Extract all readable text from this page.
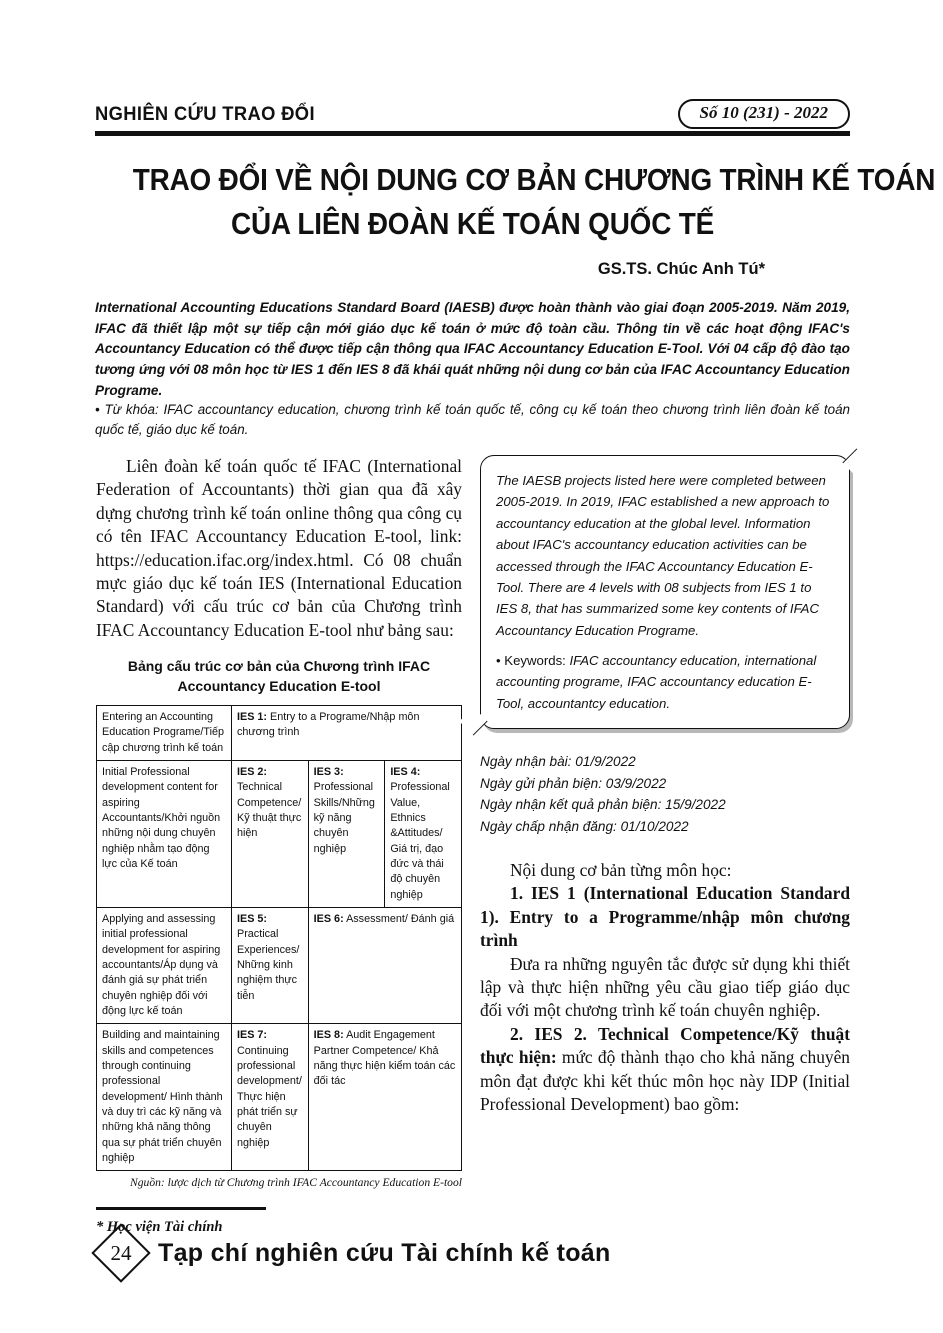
NGHIÊN CỨU TRAO ĐỔI	Số 10 (231) - 2022
TRAO ĐỔI VỀ NỘI DUNG CƠ BẢN CHƯƠNG TRÌNH KẾ TOÁN
CỦA LIÊN ĐOÀN KẾ TOÁN QUỐC TẾ
GS.TS. Chúc Anh Tú*
International Accounting Educations Standard Board (IAESB) được hoàn thành vào giai đoạn 2005-2019. Năm 2019, IFAC đã thiết lập một sự tiếp cận mới giáo dục kế toán ở mức độ toàn cầu. Thông tin về các hoạt động IFAC's Accountancy Education có thể được tiếp cận thông qua IFAC Accountancy Education E-Tool. Với 04 cấp độ đào tạo tương ứng với 08 môn học từ IES 1 đến IES 8 đã khái quát những nội dung cơ bản của IFAC Accountancy Education Programe.
• Từ khóa: IFAC accountancy education, chương trình kế toán quốc tế, công cụ kế toán theo chương trình liên đoàn kế toán quốc tế, giáo dục kế toán.

Liên đoàn kế toán quốc tế IFAC (International Federation of Accountants) thời gian qua đã xây dựng chương trình kế toán online thông qua công cụ có tên IFAC Accountancy Education E-tool, link: https://education.ifac.org/index.html. Có 08 chuẩn mực giáo dục kế toán IES (International Education Standard) với cấu trúc cơ bản của Chương trình IFAC Accountancy Education E-tool như bảng sau:

Bảng cấu trúc cơ bản của Chương trình IFAC Accountancy Education E-tool
Entering an Accounting Education Programe/Tiếp cập chương trình kế toán	IES 1: Entry to a Programe/Nhập môn chương trình		
Initial Professional development content for aspiring Accountants/Khởi nguồn những nội dung chuyên nghiệp nhằm tạo động lực của Kế toán	IES 2: Technical Competence/ Kỹ thuật thực hiện	IES 3: Professional Skills/Những kỹ năng chuyên nghiệp	IES 4: Professional Value, Ethnics &Attitudes/ Giá trị, đạo đức và thái độ chuyên nghiệp
Applying and assessing initial professional development for aspiring accountants/Áp dụng và đánh giá sự phát triển chuyên nghiệp đối với động lực kế toán	IES 5: Practical Experiences/ Những kinh nghiệm thực tiễn	IES 6: Assessment/ Đánh giá	
Building and maintaining skills and competences through continuing professional development/ Hình thành và duy trì các kỹ năng và những khả năng thông qua sự phát triển chuyên nghiệp	IES 7: Continuing professional development/ Thực hiện phát triển sự chuyên nghiệp	IES 8: Audit Engagement Partner Competence/ Khả năng thực hiện kiểm toán các đối tác	
Nguồn: lược dịch từ Chương trình IFAC Accountancy Education E-tool
* Học viện Tài chính

The IAESB projects listed here were completed between 2005-2019. In 2019, IFAC established a new approach to accountancy education at the global level. Information about IFAC's accountancy education activities can be accessed through the IFAC Accountancy Education E-Tool. There are 4 levels with 08 subjects from IES 1 to IES 8, that has summarized some key contents of IFAC Accountancy Education Programe.

• Keywords: IFAC accountancy education, international accounting programe, IFAC accountancy education E-Tool, accountantcy education.

Ngày nhận bài: 01/9/2022
Ngày gửi phản biện: 03/9/2022
Ngày nhận kết quả phản biện: 15/9/2022
Ngày chấp nhận đăng: 01/10/2022

Nội dung cơ bản từng môn học:

1. IES 1 (International Education Standard 1). Entry to a Programme/nhập môn chương trình

Đưa ra những nguyên tắc được sử dụng khi thiết lập và thực hiện những yêu cầu giao tiếp giáo dục đối với một chương trình kế toán chuyên nghiệp.

2. IES 2. Technical Competence/Kỹ thuật thực hiện: mức độ thành thạo cho khả năng chuyên môn đạt được khi kết thúc môn học này IDP (Initial Professional Development) bao gồm:

24 Tạp chí nghiên cứu Tài chính kế toán
